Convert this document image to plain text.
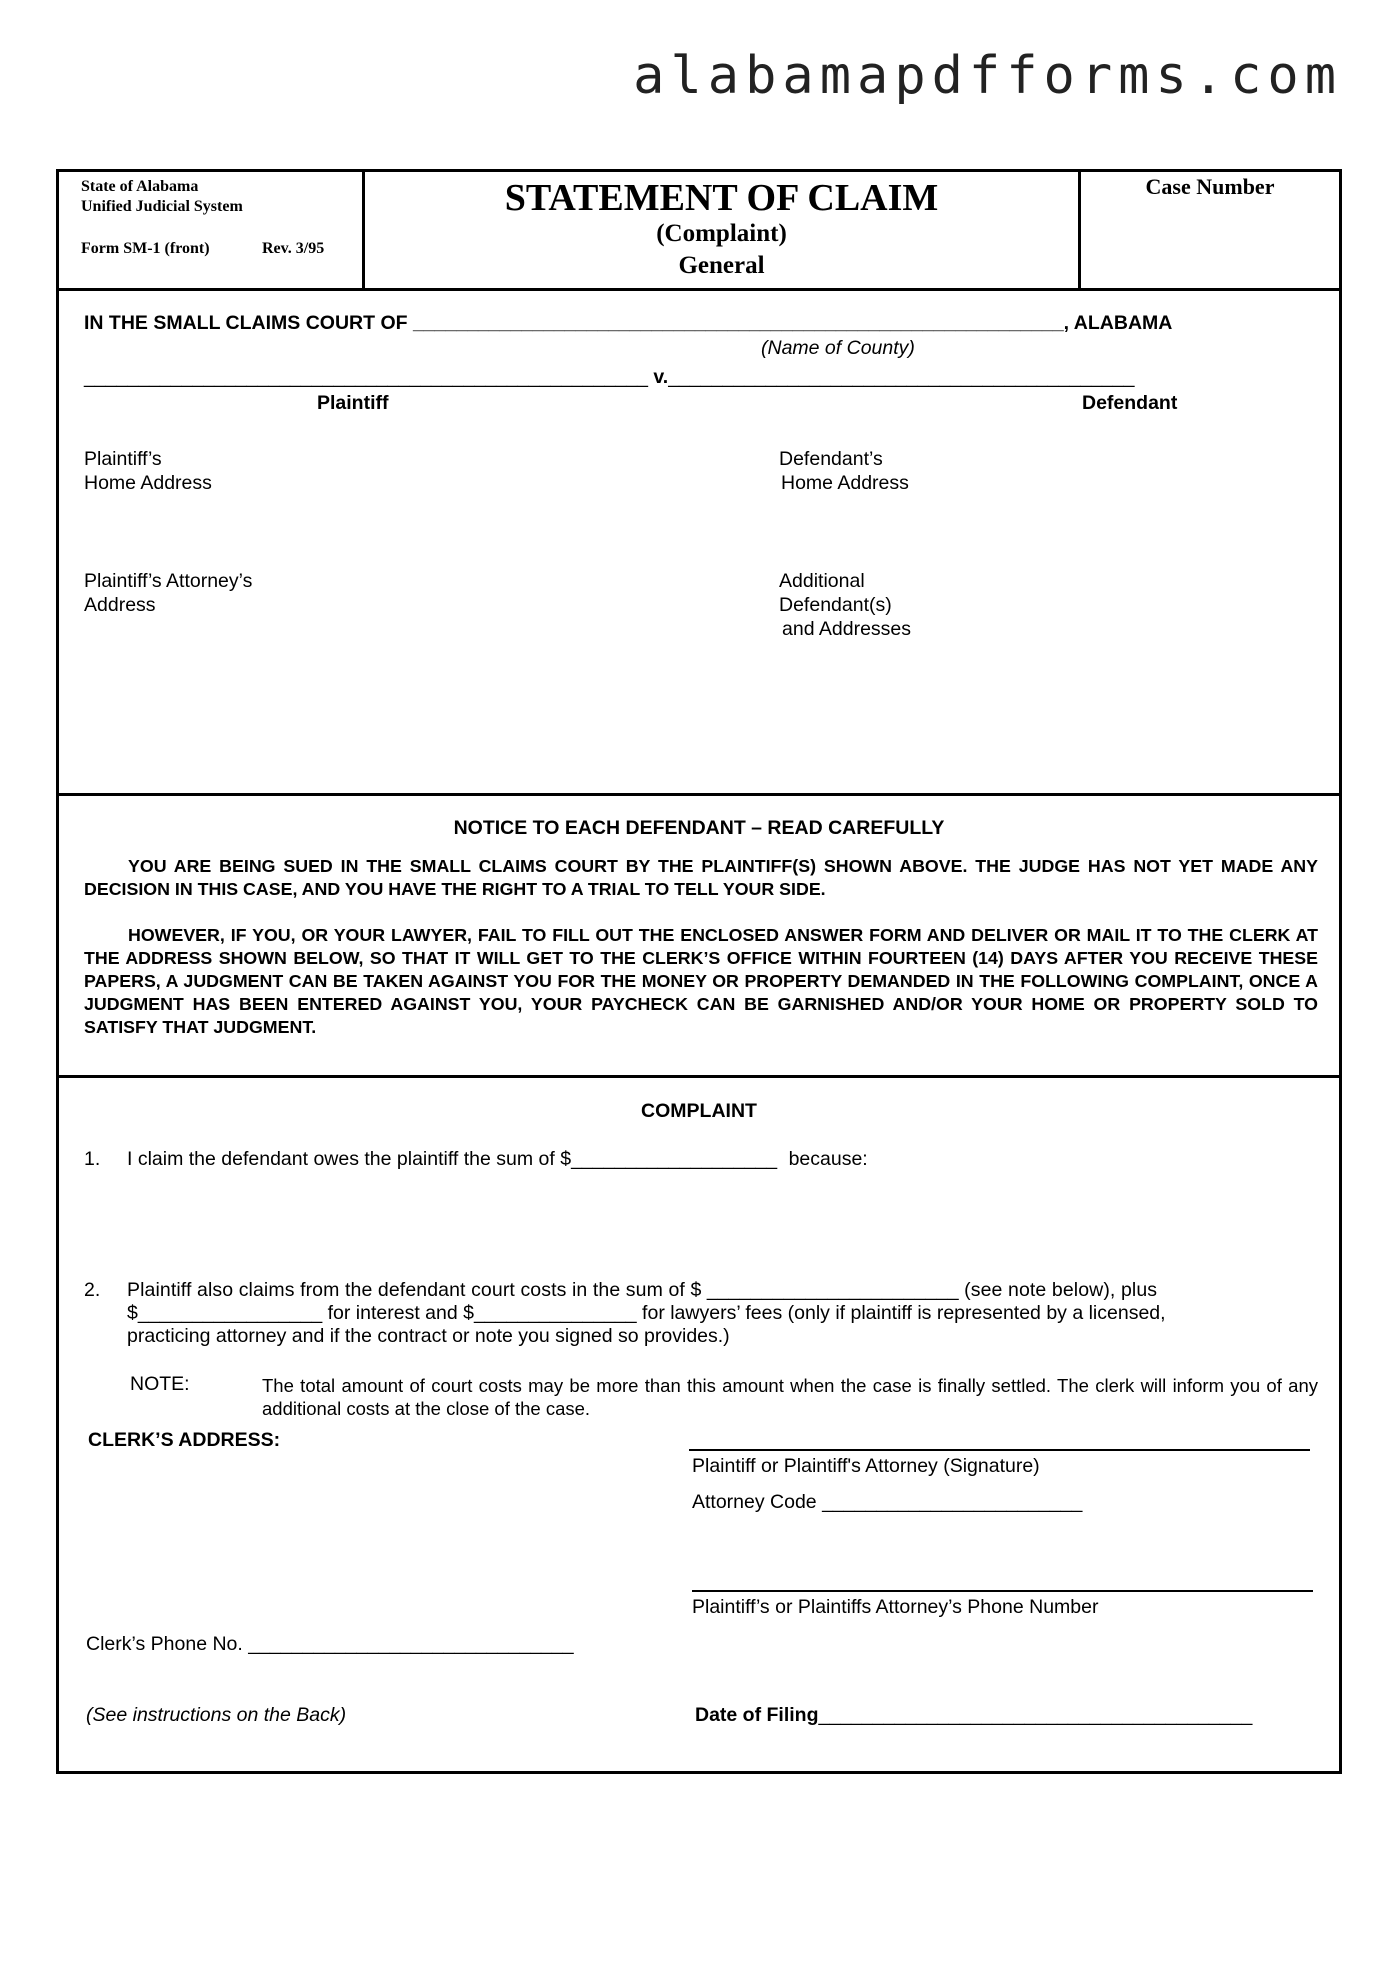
alabamapdfforms.com
State of Alabama
Unified Judicial System
Form SM-1 (front)	Rev. 3/95
STATEMENT OF CLAIM
(Complaint)
General
Case Number
IN THE SMALL CLAIMS COURT OF ____________________________________________________________, ALABAMA
(Name of County)
____________________________________________________ v.___________________________________________
Plaintiff	Defendant
Plaintiff’s
Home Address
Defendant’s
Home Address
Plaintiff’s Attorney’s
Address
Additional
Defendant(s)
and Addresses
NOTICE TO EACH DEFENDANT – READ CAREFULLY
YOU ARE BEING SUED IN THE SMALL CLAIMS COURT BY THE PLAINTIFF(S) SHOWN ABOVE. THE JUDGE HAS NOT YET MADE ANY DECISION IN THIS CASE, AND YOU HAVE THE RIGHT TO A TRIAL TO TELL YOUR SIDE.
HOWEVER, IF YOU, OR YOUR LAWYER, FAIL TO FILL OUT THE ENCLOSED ANSWER FORM AND DELIVER OR MAIL IT TO THE CLERK AT THE ADDRESS SHOWN BELOW, SO THAT IT WILL GET TO THE CLERK’S OFFICE WITHIN FOURTEEN (14) DAYS AFTER YOU RECEIVE THESE PAPERS, A JUDGMENT CAN BE TAKEN AGAINST YOU FOR THE MONEY OR PROPERTY DEMANDED IN THE FOLLOWING COMPLAINT, ONCE A JUDGMENT HAS BEEN ENTERED AGAINST YOU, YOUR PAYCHECK CAN BE GARNISHED AND/OR YOUR HOME OR PROPERTY SOLD TO SATISFY THAT JUDGMENT.
COMPLAINT
1. I claim the defendant owes the plaintiff the sum of $___________________ because:
2. Plaintiff also claims from the defendant court costs in the sum of $ _______________________ (see note below), plus
$_________________ for interest and $_______________ for lawyers’ fees (only if plaintiff is represented by a licensed,
practicing attorney and if the contract or note you signed so provides.)
NOTE:	The total amount of court costs may be more than this amount when the case is finally settled. The clerk will inform you of any additional costs at the close of the case.
CLERK’S ADDRESS:
Plaintiff or Plaintiff's Attorney (Signature)
Attorney Code ________________________
Plaintiff’s or Plaintiffs Attorney’s Phone Number
Clerk’s Phone No. ______________________________
(See instructions on the Back)	Date of Filing________________________________________
